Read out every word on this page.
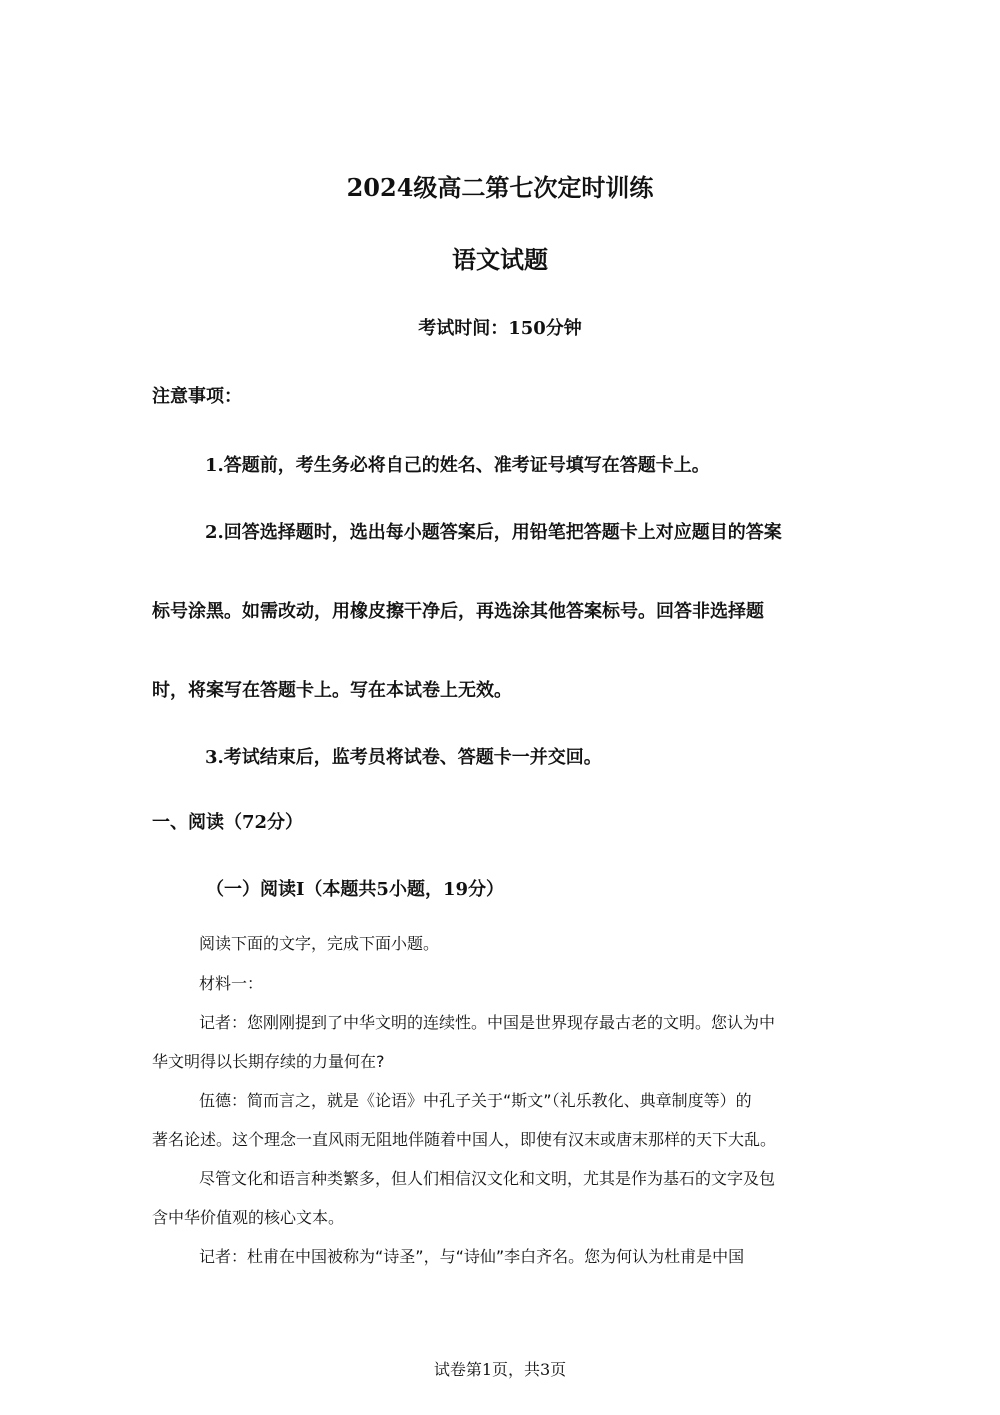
2024级高二第七次定时训练
语文试题
考试时间：150分钟
注意事项：
1.答题前，考生务必将自己的姓名、准考证号填写在答题卡上。
2.回答选择题时，选出每小题答案后，用铅笔把答题卡上对应题目的答案
标号涂黑。如需改动，用橡皮擦干净后，再选涂其他答案标号。回答非选择题
时，将案写在答题卡上。写在本试卷上无效。
3.考试结束后，监考员将试卷、答题卡一并交回。
一、阅读（72分）
（一）阅读Ⅰ（本题共5小题，19分）
阅读下面的文字，完成下面小题。
材料一：
记者：您刚刚提到了中华文明的连续性。中国是世界现存最古老的文明。您认为中
华文明得以长期存续的力量何在?
伍德：简而言之，就是《论语》中孔子关于“斯文”（礼乐教化、典章制度等）的
著名论述。这个理念一直风雨无阻地伴随着中国人，即使有汉末或唐末那样的天下大乱。
尽管文化和语言种类繁多，但人们相信汉文化和文明，尤其是作为基石的文字及包
含中华价值观的核心文本。
记者：杜甫在中国被称为“诗圣”，与“诗仙”李白齐名。您为何认为杜甫是中国
试卷第1页，共3页
